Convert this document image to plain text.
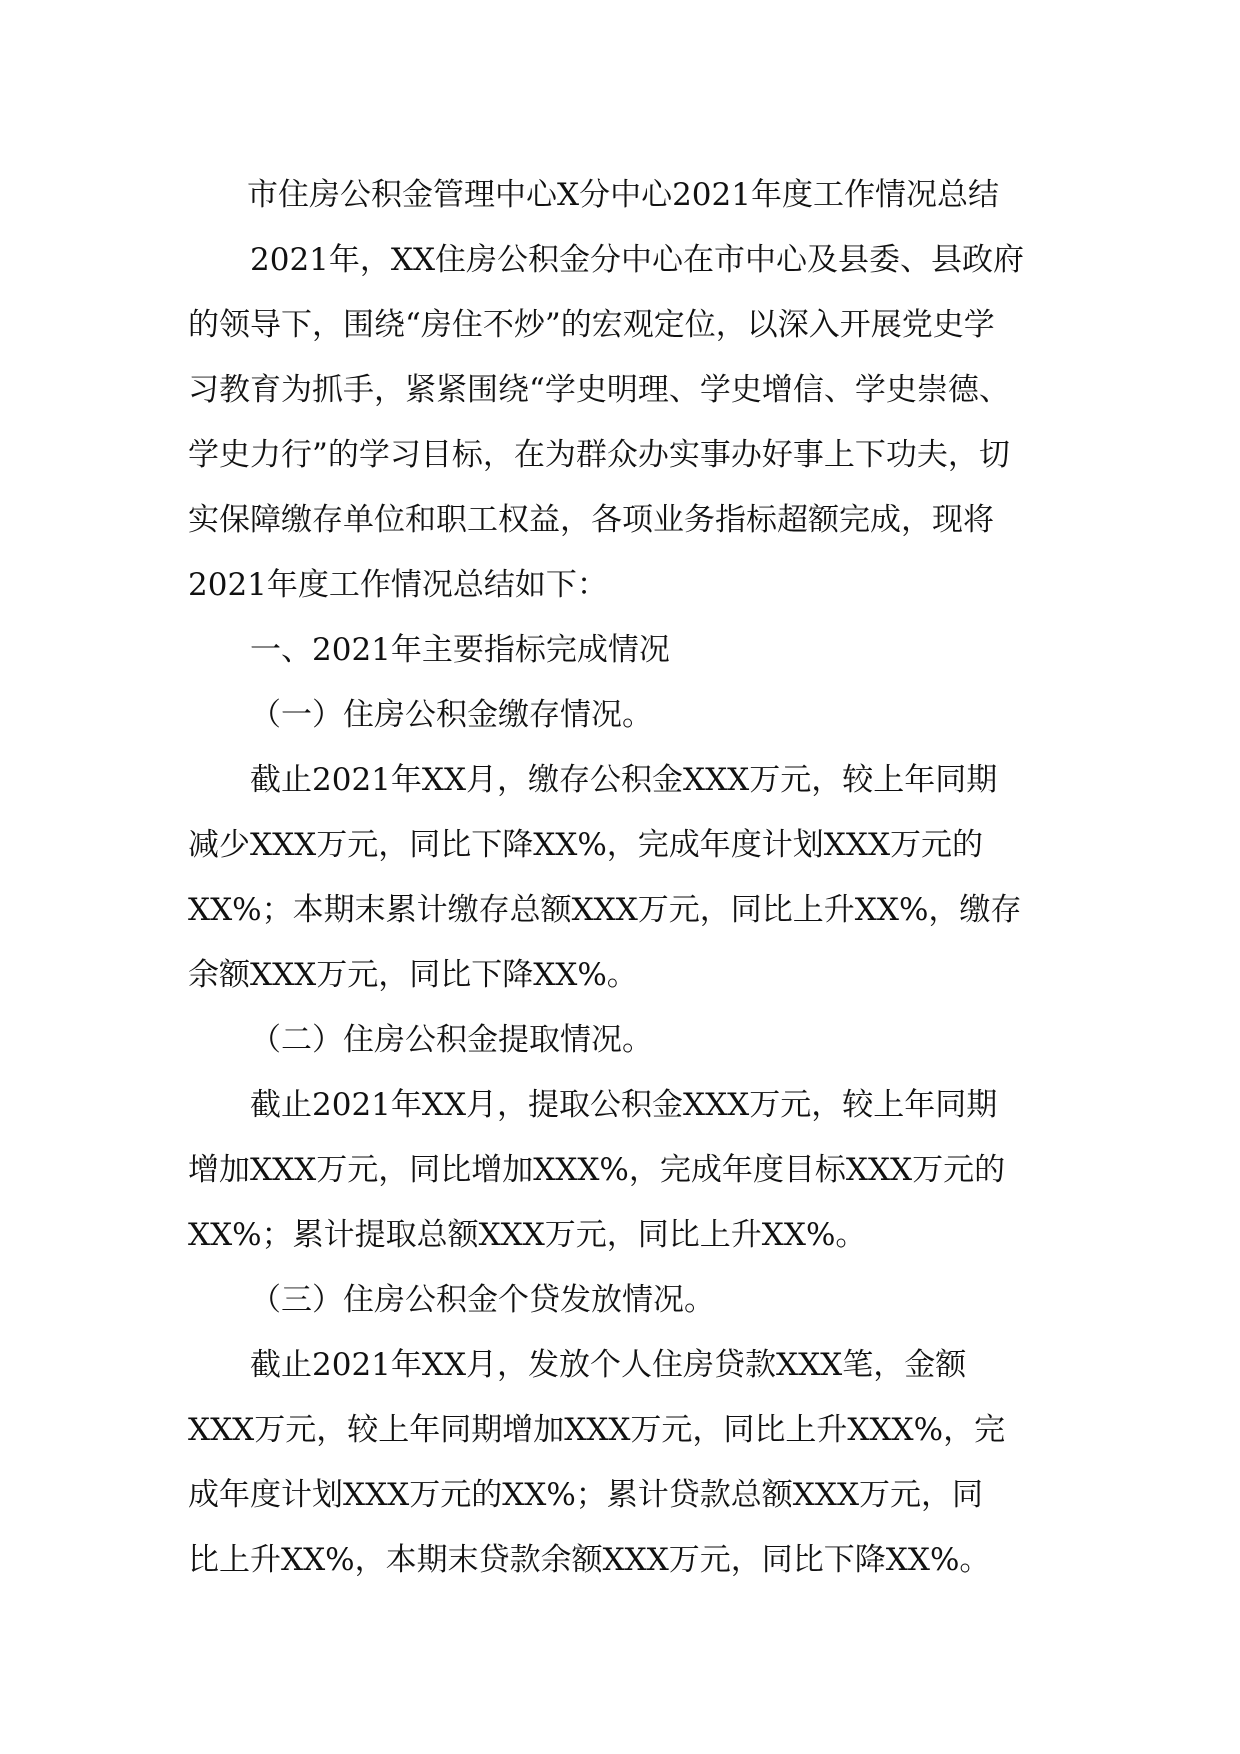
市住房公积金管理中心X分中心2021年度工作情况总结
2021年，XX住房公积金分中心在市中心及县委、县政府
的领导下，围绕“房住不炒”的宏观定位，以深入开展党史学
习教育为抓手，紧紧围绕“学史明理、学史增信、学史崇德、
学史力行”的学习目标，在为群众办实事办好事上下功夫，切
实保障缴存单位和职工权益，各项业务指标超额完成，现将
2021年度工作情况总结如下：
一、2021年主要指标完成情况
（一）住房公积金缴存情况。
截止2021年XX月，缴存公积金XXX万元，较上年同期
减少XXX万元，同比下降XX%，完成年度计划XXX万元的
XX%；本期末累计缴存总额XXX万元，同比上升XX%，缴存
余额XXX万元，同比下降XX%。
（二）住房公积金提取情况。
截止2021年XX月，提取公积金XXX万元，较上年同期
增加XXX万元，同比增加XXX%，完成年度目标XXX万元的
XX%；累计提取总额XXX万元，同比上升XX%。
（三）住房公积金个贷发放情况。
截止2021年XX月，发放个人住房贷款XXX笔，金额
XXX万元，较上年同期增加XXX万元，同比上升XXX%，完
成年度计划XXX万元的XX%；累计贷款总额XXX万元，同
比上升XX%，本期末贷款余额XXX万元，同比下降XX%。
